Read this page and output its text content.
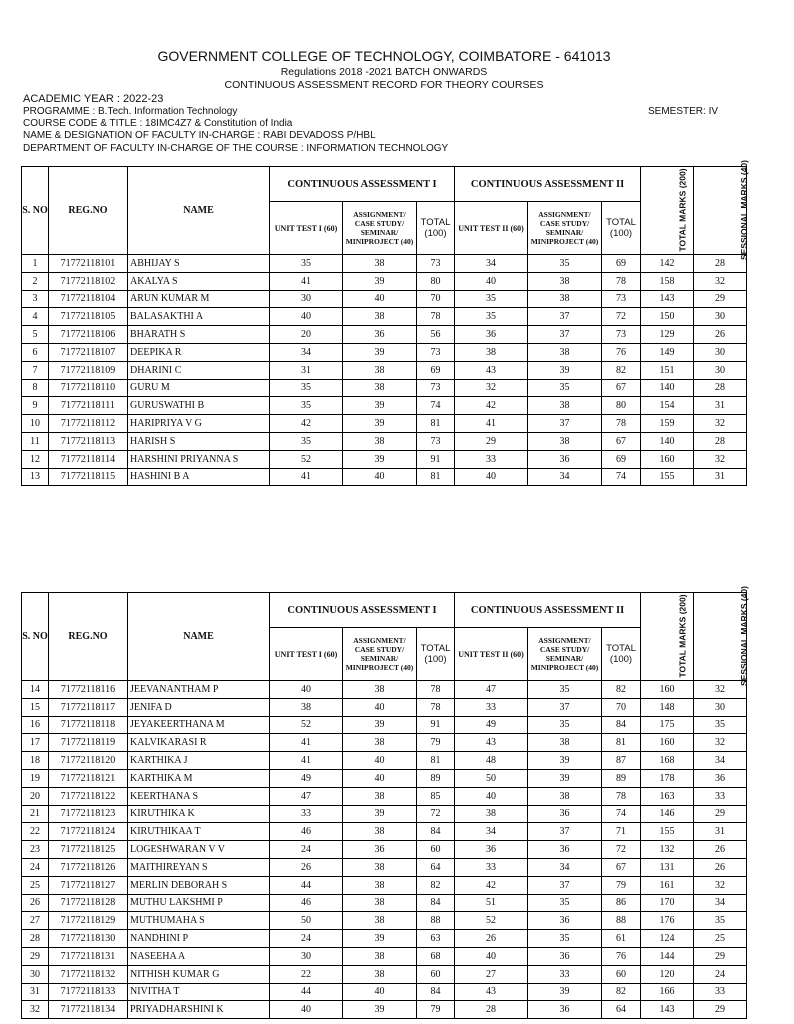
GOVERNMENT COLLEGE OF TECHNOLOGY, COIMBATORE - 641013
Regulations 2018 -2021 BATCH ONWARDS
CONTINUOUS ASSESSMENT RECORD FOR THEORY COURSES
ACADEMIC YEAR : 2022-23
PROGRAMME : B.Tech. Information Technology	SEMESTER: IV
COURSE CODE & TITLE : 18IMC4Z7 & Constitution of India
NAME & DESIGNATION OF FACULTY IN-CHARGE : RABI DEVADOSS P/HBL
DEPARTMENT OF FACULTY IN-CHARGE OF THE COURSE : INFORMATION TECHNOLOGY
S. NO	REG.NO	NAME	CONTINUOUS ASSESSMENT I			CONTINUOUS ASSESSMENT II			TOTAL MARKS (200)	SESSIONAL MARKS (40)
			UNIT TEST I (60)	ASSIGNMENT/ CASE STUDY/ SEMINAR/ MINIPROJECT (40)	TOTAL (100)	UNIT TEST II (60)	ASSIGNMENT/ CASE STUDY/ SEMINAR/ MINIPROJECT (40)	TOTAL (100)		
1	71772118101	ABHIJAY S	35	38	73	34	35	69	142	28
2	71772118102	AKALYA S	41	39	80	40	38	78	158	32
3	71772118104	ARUN KUMAR M	30	40	70	35	38	73	143	29
4	71772118105	BALASAKTHI A	40	38	78	35	37	72	150	30
5	71772118106	BHARATH S	20	36	56	36	37	73	129	26
6	71772118107	DEEPIKA R	34	39	73	38	38	76	149	30
7	71772118109	DHARINI C	31	38	69	43	39	82	151	30
8	71772118110	GURU M	35	38	73	32	35	67	140	28
9	71772118111	GURUSWATHI B	35	39	74	42	38	80	154	31
10	71772118112	HARIPRIYA V G	42	39	81	41	37	78	159	32
11	71772118113	HARISH S	35	38	73	29	38	67	140	28
12	71772118114	HARSHINI PRIYANNA S	52	39	91	33	36	69	160	32
13	71772118115	HASHINI B A	41	40	81	40	34	74	155	31
S. NO	REG.NO	NAME	CONTINUOUS ASSESSMENT I			CONTINUOUS ASSESSMENT II			TOTAL MARKS (200)	SESSIONAL MARKS (40)
			UNIT TEST I (60)	ASSIGNMENT/ CASE STUDY/ SEMINAR/ MINIPROJECT (40)	TOTAL (100)	UNIT TEST II (60)	ASSIGNMENT/ CASE STUDY/ SEMINAR/ MINIPROJECT (40)	TOTAL (100)		
14	71772118116	JEEVANANTHAM P	40	38	78	47	35	82	160	32
15	71772118117	JENIFA D	38	40	78	33	37	70	148	30
16	71772118118	JEYAKEERTHANA M	52	39	91	49	35	84	175	35
17	71772118119	KALVIKARASI R	41	38	79	43	38	81	160	32
18	71772118120	KARTHIKA J	41	40	81	48	39	87	168	34
19	71772118121	KARTHIKA M	49	40	89	50	39	89	178	36
20	71772118122	KEERTHANA S	47	38	85	40	38	78	163	33
21	71772118123	KIRUTHIKA K	33	39	72	38	36	74	146	29
22	71772118124	KIRUTHIKAA T	46	38	84	34	37	71	155	31
23	71772118125	LOGESHWARAN V V	24	36	60	36	36	72	132	26
24	71772118126	MAITHIREYAN S	26	38	64	33	34	67	131	26
25	71772118127	MERLIN DEBORAH S	44	38	82	42	37	79	161	32
26	71772118128	MUTHU LAKSHMI P	46	38	84	51	35	86	170	34
27	71772118129	MUTHUMAHA S	50	38	88	52	36	88	176	35
28	71772118130	NANDHINI P	24	39	63	26	35	61	124	25
29	71772118131	NASEEHA A	30	38	68	40	36	76	144	29
30	71772118132	NITHISH KUMAR G	22	38	60	27	33	60	120	24
31	71772118133	NIVITHA T	44	40	84	43	39	82	166	33
32	71772118134	PRIYADHARSHINI K	40	39	79	28	36	64	143	29
